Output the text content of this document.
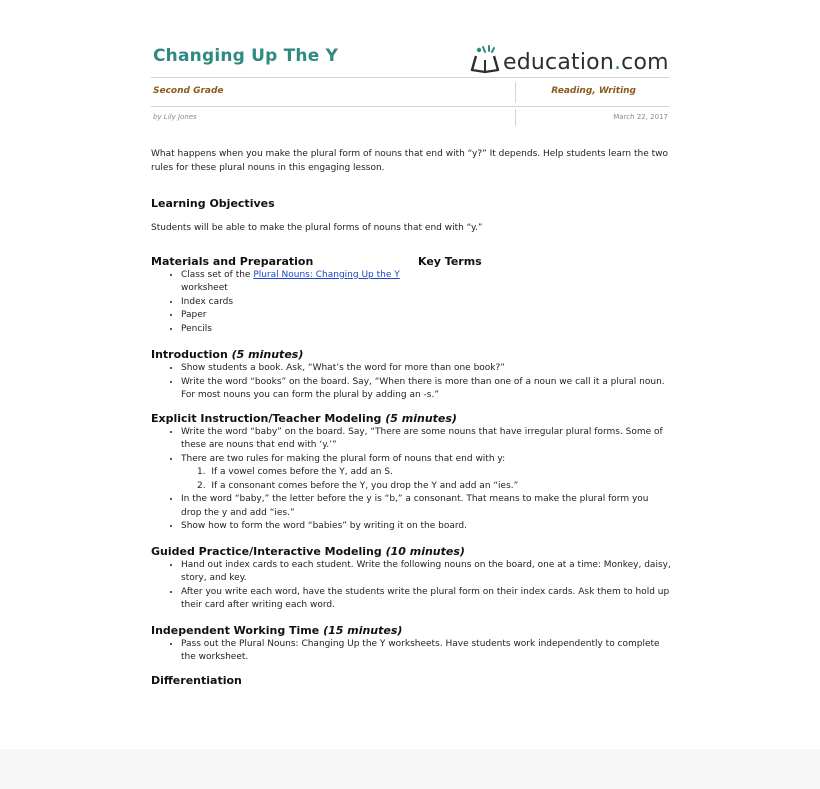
Changing Up The Y	education.com
Second Grade	Reading, Writing
by Lily Jones	March 22, 2017

What happens when you make the plural form of nouns that end with “y?” It depends. Help students learn the two rules for these plural nouns in this engaging lesson.

Learning Objectives

Students will be able to make the plural forms of nouns that end with “y.”

Materials and Preparation
• Class set of the Plural Nouns: Changing Up the Y worksheet
• Index cards
• Paper
• Pencils
Key Terms
Introduction (5 minutes)
• Show students a book. Ask, “What’s the word for more than one book?”
• Write the word “books” on the board. Say, “When there is more than one of a noun we call it a plural noun. For most nouns you can form the plural by adding an -s.”
Explicit Instruction/Teacher Modeling (5 minutes)
• Write the word “baby” on the board. Say, “There are some nouns that have irregular plural forms. Some of these are nouns that end with ‘y.’”
• There are two rules for making the plural form of nouns that end with y:
1.  If a vowel comes before the Y, add an S.
2.  If a consonant comes before the Y, you drop the Y and add an “ies.”
• In the word “baby,” the letter before the y is “b,” a consonant. That means to make the plural form you drop the y and add “ies.”
• Show how to form the word “babies” by writing it on the board.
Guided Practice/Interactive Modeling (10 minutes)
• Hand out index cards to each student. Write the following nouns on the board, one at a time: Monkey, daisy, story, and key.
• After you write each word, have the students write the plural form on their index cards. Ask them to hold up their card after writing each word.
Independent Working Time (15 minutes)
• Pass out the Plural Nouns: Changing Up the Y worksheets. Have students work independently to complete the worksheet.
Differentiation
